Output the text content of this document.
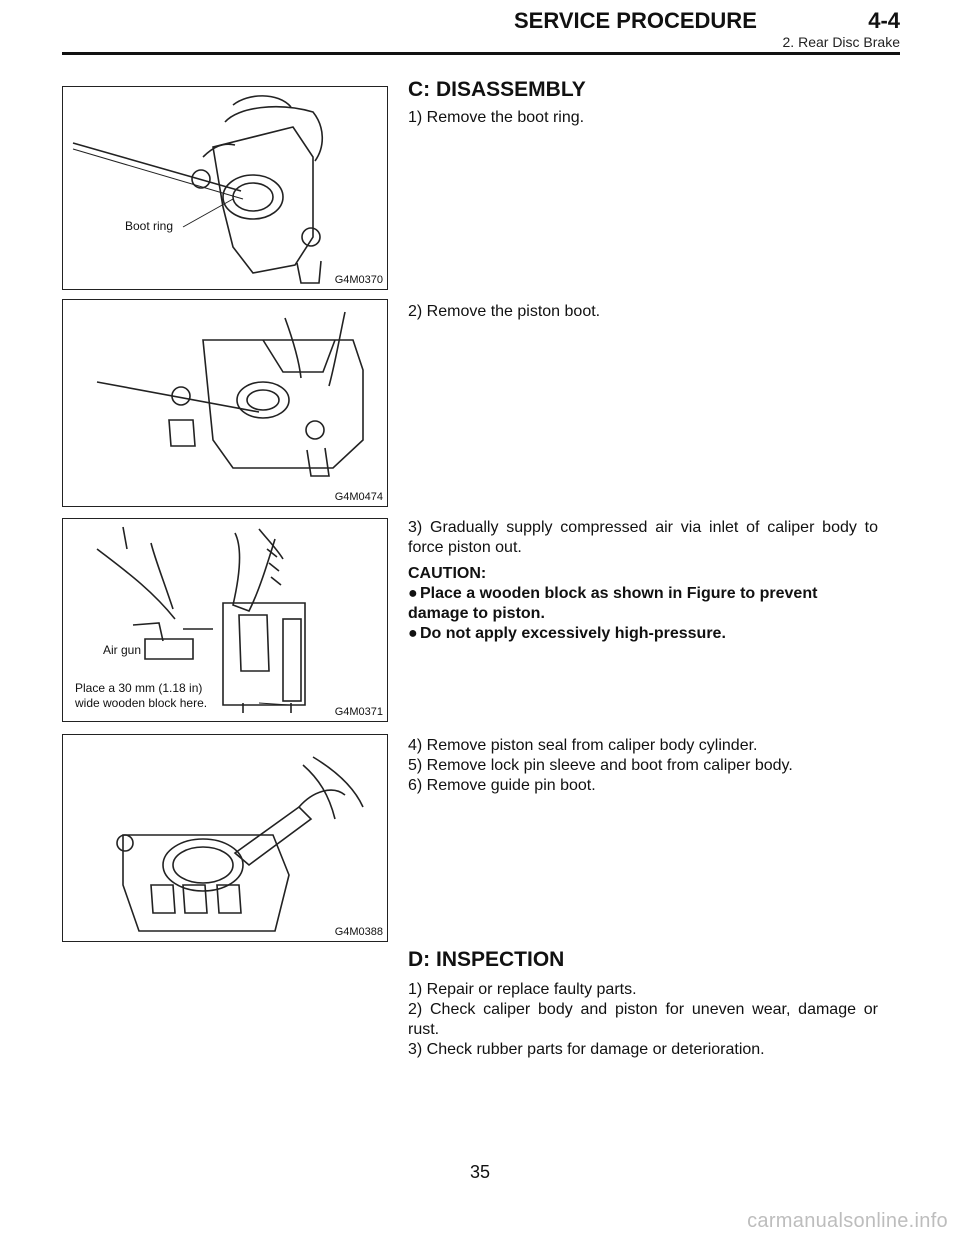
SERVICE PROCEDURE	4-4
2. Rear Disc Brake
Boot ring
G4M0370
G4M0474
Air gun
Place a 30 mm (1.18 in)
wide wooden block here.
G4M0371
G4M0388
C: DISASSEMBLY

1) Remove the boot ring.

2) Remove the piston boot.

3) Gradually supply compressed air via inlet of caliper body to force piston out.

CAUTION:

● Place a wooden block as shown in Figure to prevent damage to piston.

● Do not apply excessively high-pressure.

4) Remove piston seal from caliper body cylinder.

5) Remove lock pin sleeve and boot from caliper body.

6) Remove guide pin boot.

D: INSPECTION

1) Repair or replace faulty parts.

2) Check caliper body and piston for uneven wear, damage or rust.

3) Check rubber parts for damage or deterioration.

35
carmanualsonline.info
